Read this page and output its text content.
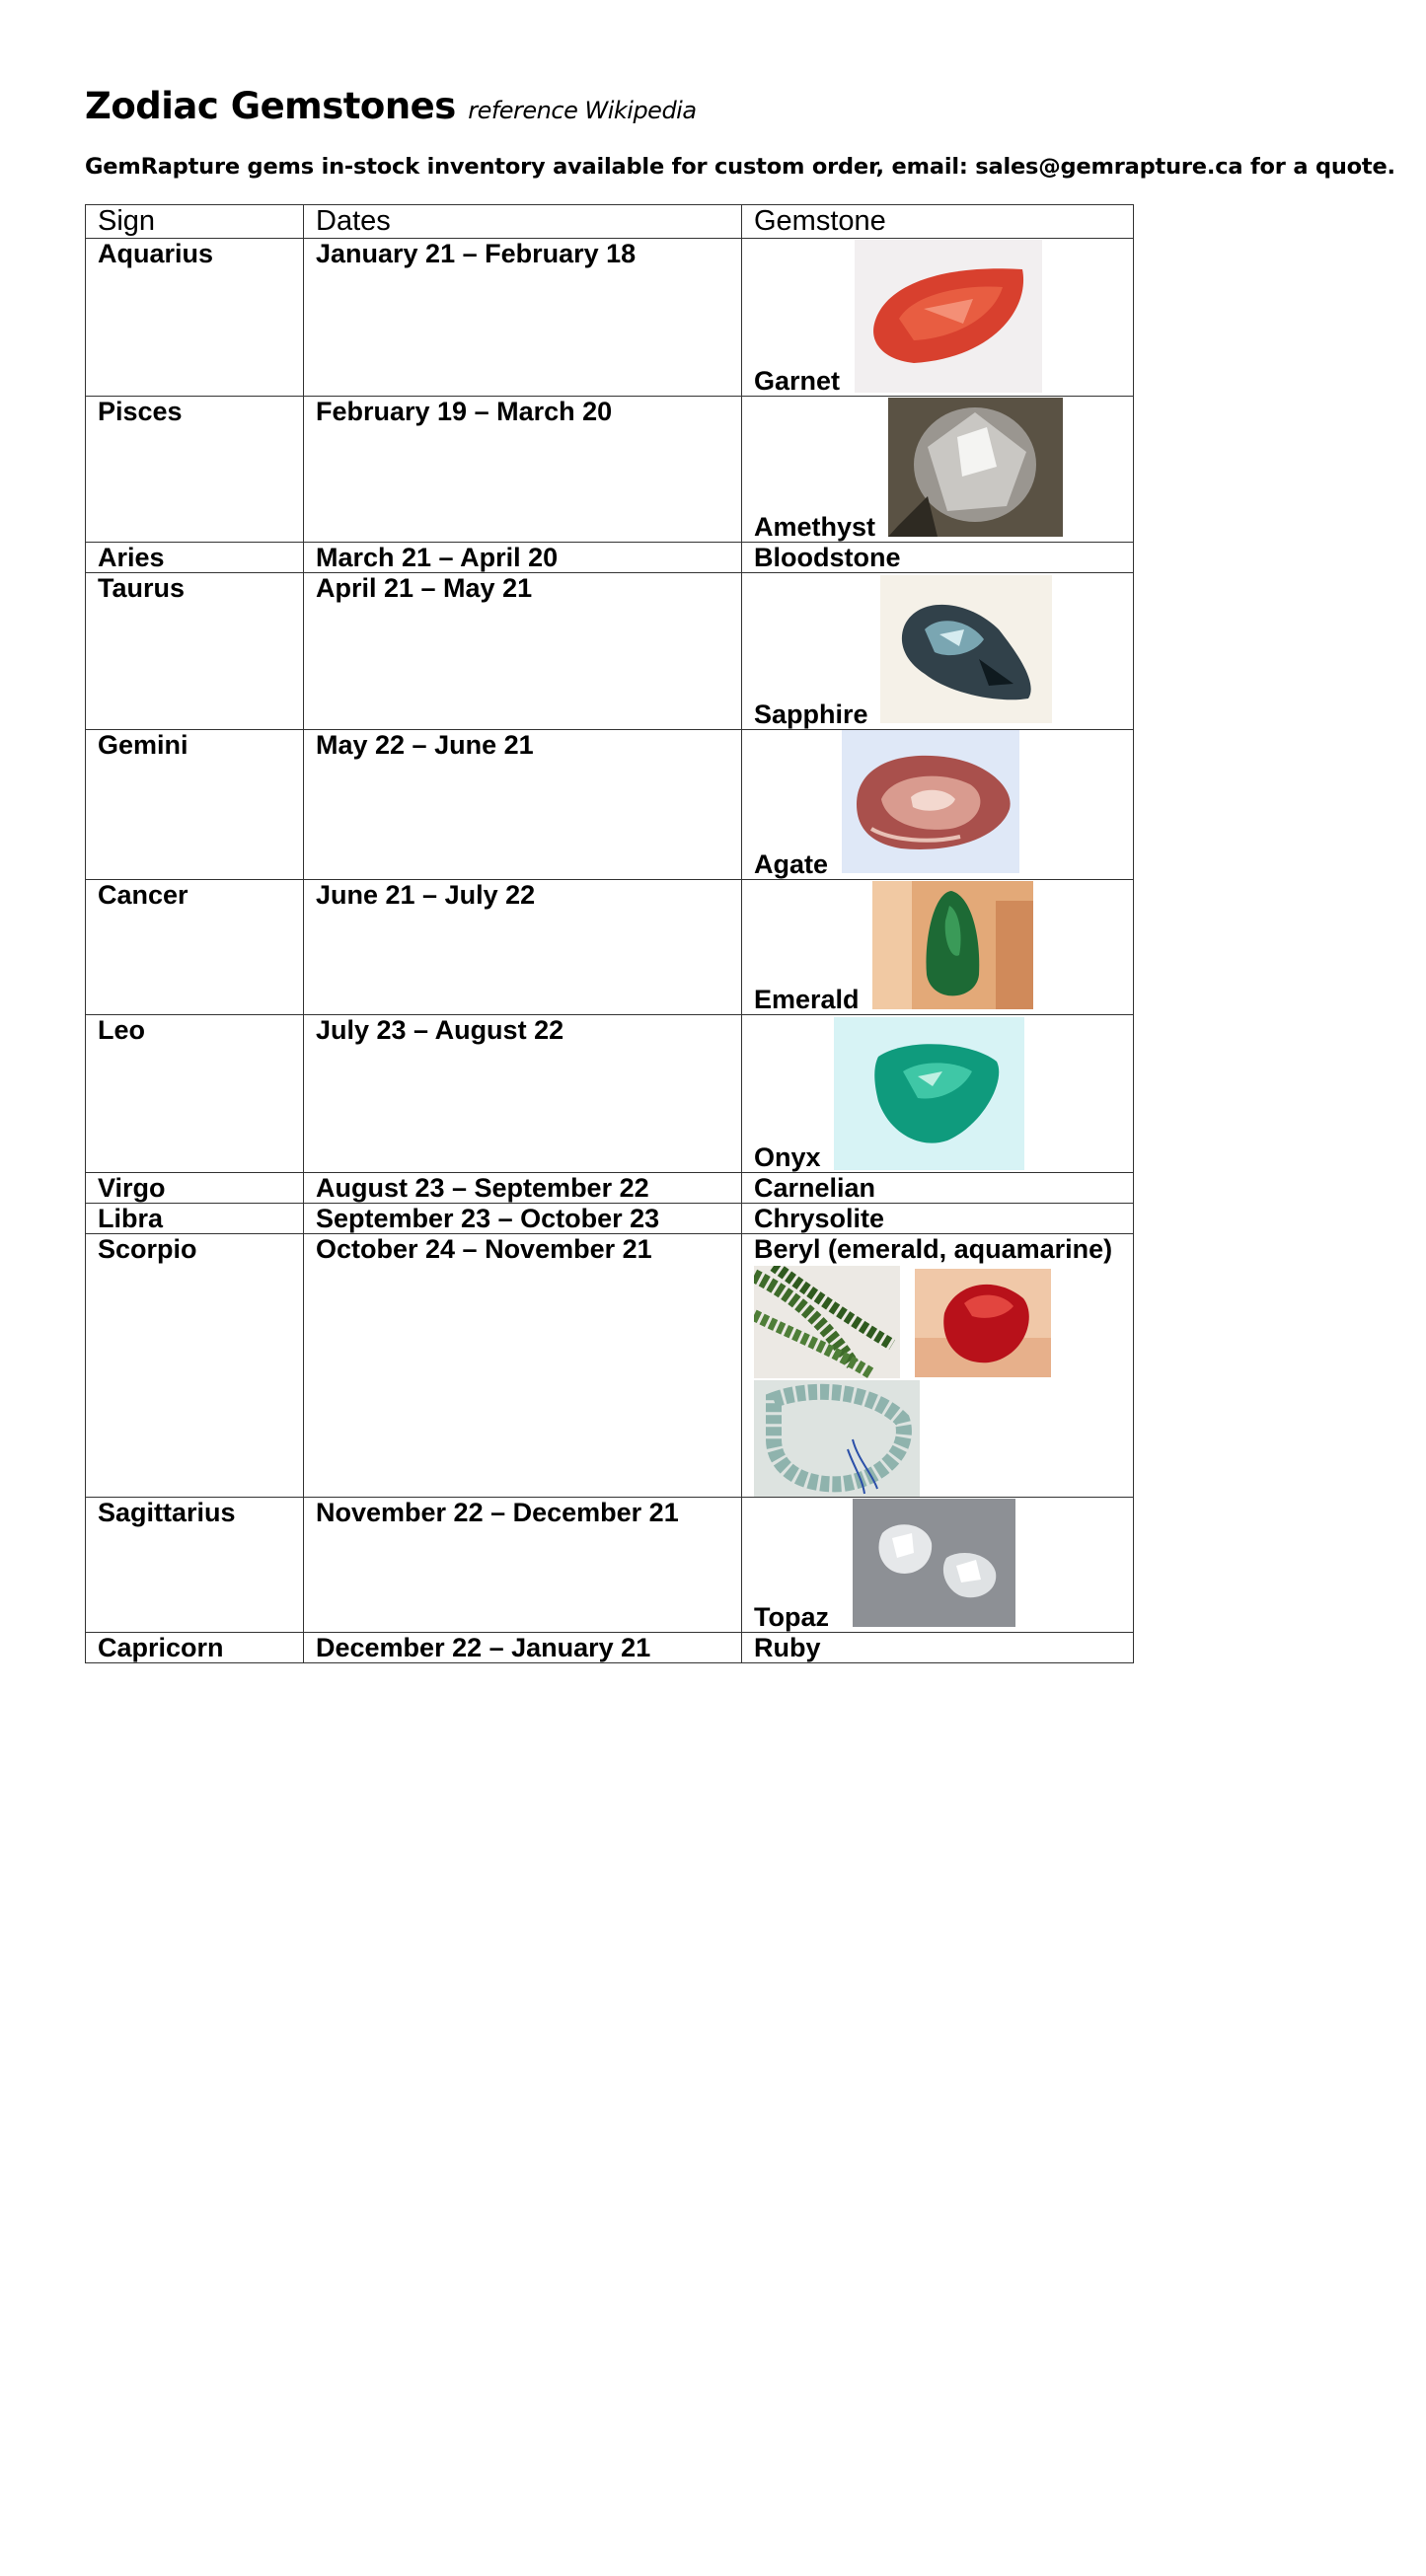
Zodiac Gemstones reference Wikipedia
GemRapture gems in-stock inventory available for custom order, email: sales@gemrapture.ca for a quote.
Sign	Dates	Gemstone
Aquarius	January 21 – February 18	Garnet

Pisces	February 19 – March 20	Amethyst

Aries	March 21 – April 20	Bloodstone
Taurus	April 21 – May 21	Sapphire

Gemini	May 22 – June 21	Agate

Cancer	June 21 – July 22	Emerald

Leo	July 23 – August 22	Onyx

Virgo	August 23 – September 22	Carnelian
Libra	September 23 – October 23	Chrysolite
Scorpio	October 24 – November 21	Beryl (emerald, aquamarine)

Sagittarius	November 22 – December 21	Topaz

Capricorn	December 22 – January 21	Ruby
